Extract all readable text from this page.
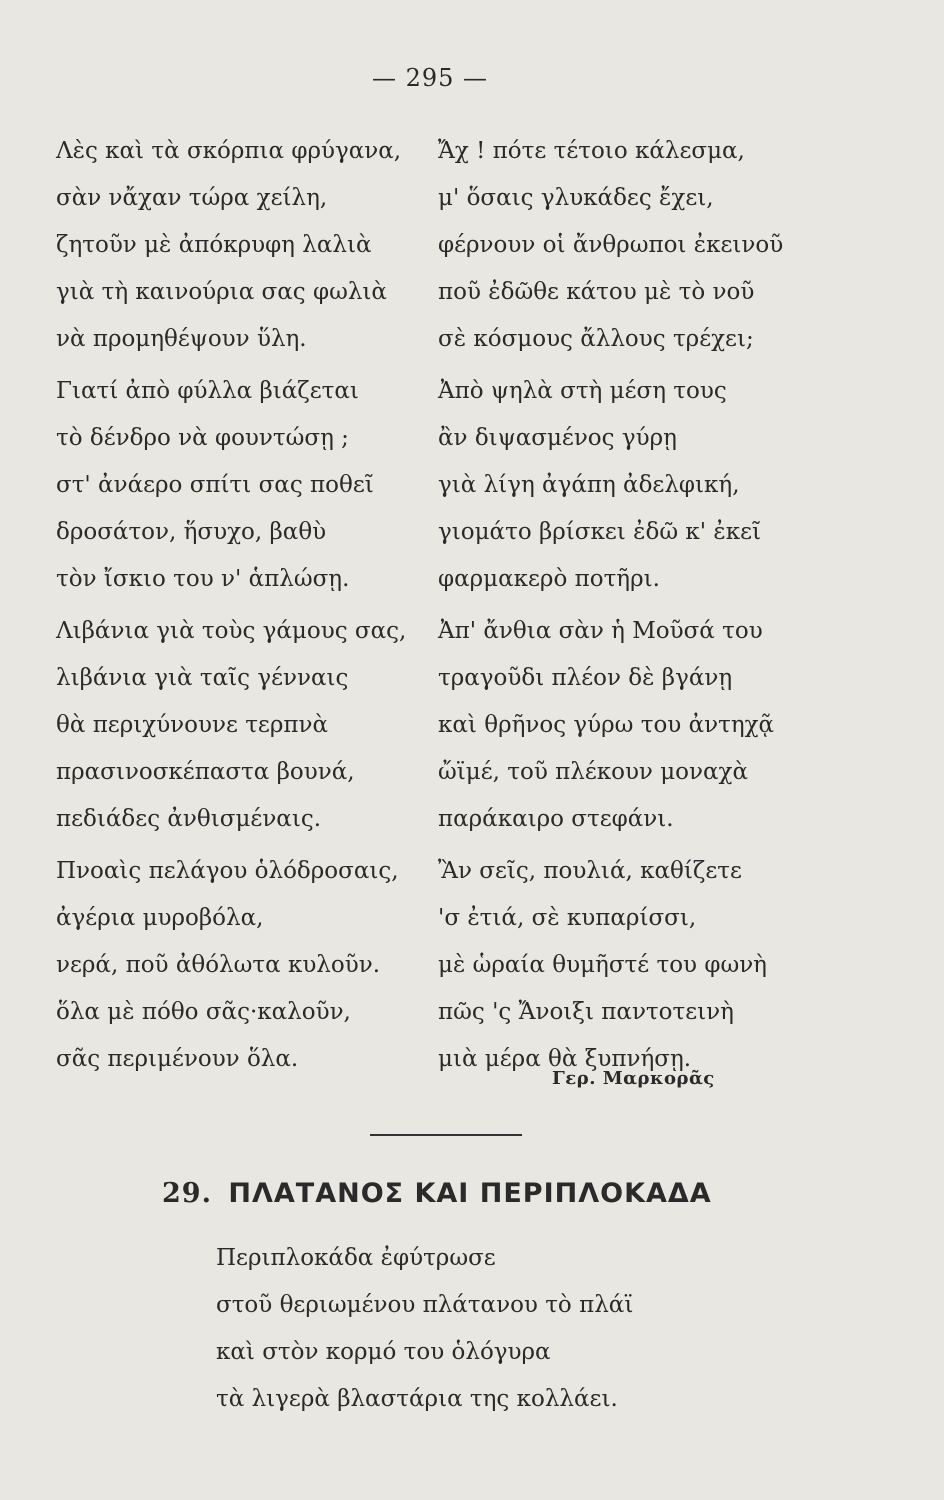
— 295 —
Λὲς καὶ τὰ σκόρπια φρύγανα,
σὰν νἄχαν τώρα χείλη,
ζητοῦν μὲ ἀπόκρυφη λαλιὰ
γιὰ τὴ καινούρια σας φωλιὰ
νὰ προμηθέψουν ὕλη.
Γιατί ἀπὸ φύλλα βιάζεται
τὸ δένδρο νὰ φουντώσῃ ;
στ' ἀνάερο σπίτι σας ποθεῖ
δροσάτον, ἥσυχο, βαθὺ
τὸν ἴσκιο του ν' ἁπλώσῃ.
Λιβάνια γιὰ τοὺς γάμους σας,
λιβάνια γιὰ ταῖς γένναις
θὰ περιχύνουνε τερπνὰ
πρασινοσκέπαστα βουνά,
πεδιάδες ἀνθισμέναις.
Πνοαὶς πελάγου ὁλόδροσαις,
ἀγέρια μυροβόλα,
νερά, ποῦ ἀθόλωτα κυλοῦν.
ὅλα μὲ πόθο σᾶς·καλοῦν,
σᾶς περιμένουν ὅλα.
Ἄχ ! πότε τέτοιο κάλεσμα,
μ' ὅσαις γλυκάδες ἔχει,
φέρνουν οἱ ἄνθρωποι ἐκεινοῦ
ποῦ ἐδῶθε κάτου μὲ τὸ νοῦ
σὲ κόσμους ἄλλους τρέχει;
Ἀπὸ ψηλὰ στὴ μέση τους
ἂν διψασμένος γύρῃ
γιὰ λίγη ἀγάπη ἀδελφική,
γιομάτο βρίσκει ἐδῶ κ' ἐκεῖ
φαρμακερὸ ποτῆρι.
Ἀπ' ἄνθια σὰν ἡ Μοῦσά του
τραγοῦδι πλέον δὲ βγάνῃ
καὶ θρῆνος γύρω του ἀντηχᾷ
ὤϊμέ, τοῦ πλέκουν μοναχὰ
παράκαιρο στεφάνι.
Ἂν σεῖς, πουλιά, καθίζετε
'σ ἐτιά, σὲ κυπαρίσσι,
μὲ ὡραία θυμῆστέ του φωνὴ
πῶς 'ς Ἄνοιξι παντοτεινὴ
μιὰ μέρα θὰ ξυπνήσῃ.
Γερ. Μαρκορᾶς
29. ΠΛΑΤΑΝΟΣ ΚΑΙ ΠΕΡΙΠΛΟΚΑΔΑ
Περιπλοκάδα ἐφύτρωσε
στοῦ θεριωμένου πλάτανου τὸ πλάϊ
καὶ στὸν κορμό του ὁλόγυρα
τὰ λιγερὰ βλαστάρια της κολλάει.
